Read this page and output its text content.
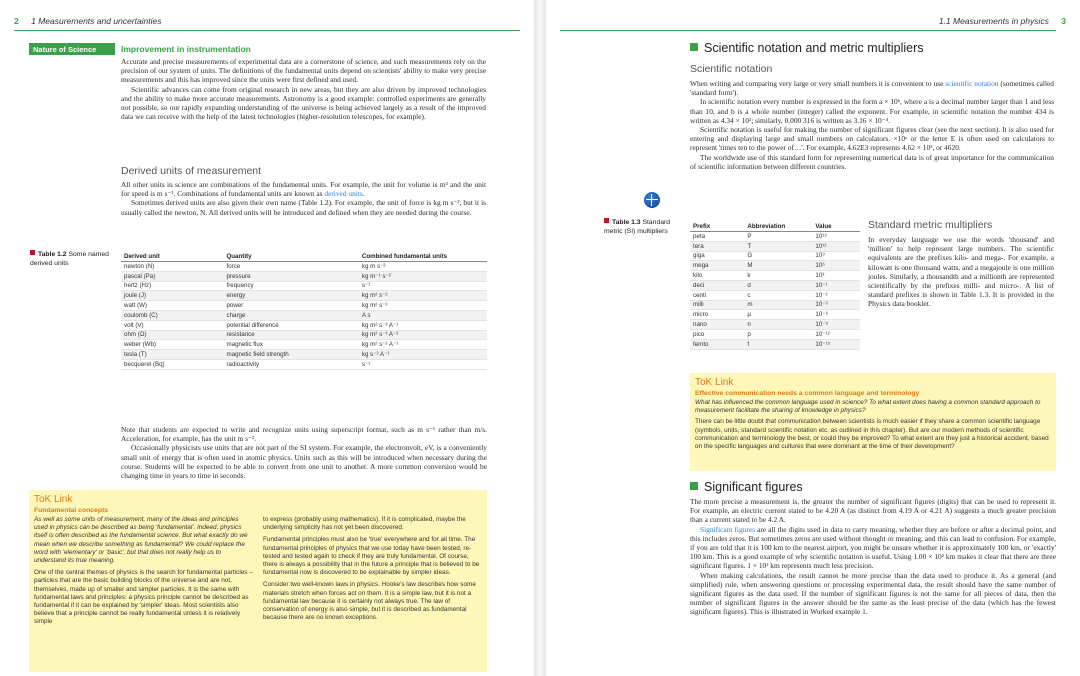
2 1 Measurements and uncertainties
Nature of Science	Improvement in instrumentation

Accurate and precise measurements of experimental data are a cornerstone of science, and such measurements rely on the precision of our system of units. The definitions of the fundamental units depend on scientists' ability to make very precise measurements and this has improved since the units were first defined and used.

Scientific advances can come from original research in new areas, but they are also driven by improved technologies and the ability to make more accurate measurements. Astronomy is a good example: controlled experiments are generally not possible, so our rapidly expanding understanding of the universe is being achieved largely as a result of the improved data we can receive with the help of the latest technologies (higher-resolution telescopes, for example).

Derived units of measurement

All other units in science are combinations of the fundamental units. For example, the unit for volume is m³ and the unit for speed is m s⁻¹. Combinations of fundamental units are known as derived units.

Sometimes derived units are also given their own name (Table 1.2). For example, the unit of force is kg m s⁻², but it is usually called the newton, N. All derived units will be introduced and defined when they are needed during the course.

Table 1.2 Some named derived units
Derived unit	Quantity	Combined fundamental units
newton (N)	force	kg m s⁻²
pascal (Pa)	pressure	kg m⁻¹ s⁻²
hertz (Hz)	frequency	s⁻¹
joule (J)	energy	kg m² s⁻²
watt (W)	power	kg m² s⁻³
coulomb (C)	charge	A s
volt (V)	potential difference	kg m² s⁻³ A⁻¹
ohm (Ω)	resistance	kg m² s⁻³ A⁻²
weber (Wb)	magnetic flux	kg m² s⁻² A⁻¹
tesla (T)	magnetic field strength	kg s⁻² A⁻¹
becquerel (Bq)	radioactivity	s⁻¹

Note that students are expected to write and recognize units using superscript format, such as m s⁻¹ rather than m/s. Acceleration, for example, has the unit m s⁻².

Occasionally physicists use units that are not part of the SI system. For example, the electronvolt, eV, is a conveniently small unit of energy that is often used in atomic physics. Units such as this will be introduced when necessary during the course. Students will be expected to be able to convert from one unit to another. A more common conversion would be changing time in years to time in seconds.

ToK Link
Fundamental concepts

As well as some units of measurement, many of the ideas and principles used in physics can be described as being 'fundamental'. Indeed, physics itself is often described as the fundamental science. But what exactly do we mean when we describe something as fundamental? We could replace the word with 'elementary' or 'basic', but that does not really help us to understand its true meaning.

One of the central themes of physics is the search for fundamental particles – particles that are the basic building blocks of the universe and are not, themselves, made up of smaller and simpler particles. It is the same with fundamental laws and principles: a physics principle cannot be described as fundamental if it can be explained by 'simpler' ideas. Most scientists also believe that a principle cannot be really fundamental unless it is relatively simple

to express (probably using mathematics). If it is complicated, maybe the underlying simplicity has not yet been discovered.

Fundamental principles must also be 'true' everywhere and for all time. The fundamental principles of physics that we use today have been tested, re-tested and tested again to check if they are truly fundamental. Of course, there is always a possibility that in the future a principle that is believed to be fundamental now is discovered to be explainable by simpler ideas.

Consider two well-known laws in physics. Hooke's law describes how some materials stretch when forces act on them. It is a simple law, but it is not a fundamental law because it is certainly not always true. The law of conservation of energy is also simple, but it is described as fundamental because there are no known exceptions.

1.1 Measurements in physics 3
Scientific notation and metric multipliers
Scientific notation

When writing and comparing very large or very small numbers it is convenient to use scientific notation (sometimes called 'standard form').

In scientific notation every number is expressed in the form a × 10ᵇ, where a is a decimal number larger than 1 and less than 10, and b is a whole number (integer) called the exponent. For example, in scientific notation the number 434 is written as 4.34 × 10²; similarly, 0.000 316 is written as 3.16 × 10⁻⁴.

Scientific notation is useful for making the number of significant figures clear (see the next section). It is also used for entering and displaying large and small numbers on calculators. ×10ˣ or the letter E is often used on calculators to represent 'times ten to the power of…'. For example, 4.62E3 represents 4.62 × 10³, or 4620.

The worldwide use of this standard form for representing numerical data is of great importance for the communication of scientific information between different countries.

Table 1.3 Standard metric (SI) multipliers
Prefix	Abbreviation	Value
peta	P	10¹⁵
tera	T	10¹²
giga	G	10⁹
mega	M	10⁶
kilo	k	10³
deci	d	10⁻¹
centi	c	10⁻²
milli	m	10⁻³
micro	µ	10⁻⁶
nano	n	10⁻⁹
pico	p	10⁻¹²
femto	f	10⁻¹⁵
Standard metric multipliers

In everyday language we use the words 'thousand' and 'million' to help represent large numbers. The scientific equivalents are the prefixes kilo- and mega-. For example, a kilowatt is one thousand watts, and a megajoule is one million joules. Similarly, a thousandth and a millionth are represented scientifically by the prefixes milli- and micro-. A list of standard prefixes is shown in Table 1.3. It is provided in the Physics data booklet.

ToK Link
Effective communication needs a common language and terminology

What has influenced the common language used in science? To what extent does having a common standard approach to measurement facilitate the sharing of knowledge in physics?

There can be little doubt that communication between scientists is much easier if they share a common scientific language (symbols, units, standard scientific notation etc. as outlined in this chapter). But are our modern methods of scientific communication and terminology the best, or could they be improved? To what extent are they just a historical accident, based on the specific languages and cultures that were dominant at the time of their development?

Significant figures

The more precise a measurement is, the greater the number of significant figures (digits) that can be used to represent it. For example, an electric current stated to be 4.20 A (as distinct from 4.19 A or 4.21 A) suggests a much greater precision than a current stated to be 4.2 A.

Significant figures are all the digits used in data to carry meaning, whether they are before or after a decimal point, and this includes zeros. But sometimes zeros are used without thought or meaning, and this can lead to confusion. For example, if you are told that it is 100 km to the nearest airport, you might be unsure whether it is approximately 100 km, or 'exactly' 100 km. This is a good example of why scientific notation is useful. Using 1.00 × 10² km makes it clear that there are three significant figures. 1 × 10² km represents much less precision.

When making calculations, the result cannot be more precise than the data used to produce it. As a general (and simplified) rule, when answering questions or processing experimental data, the result should have the same number of significant figures as the data used. If the number of significant figures is not the same for all pieces of data, then the number of significant figures in the answer should be the same as the least precise of the data (which has the fewest significant figures). This is illustrated in Worked example 1.
